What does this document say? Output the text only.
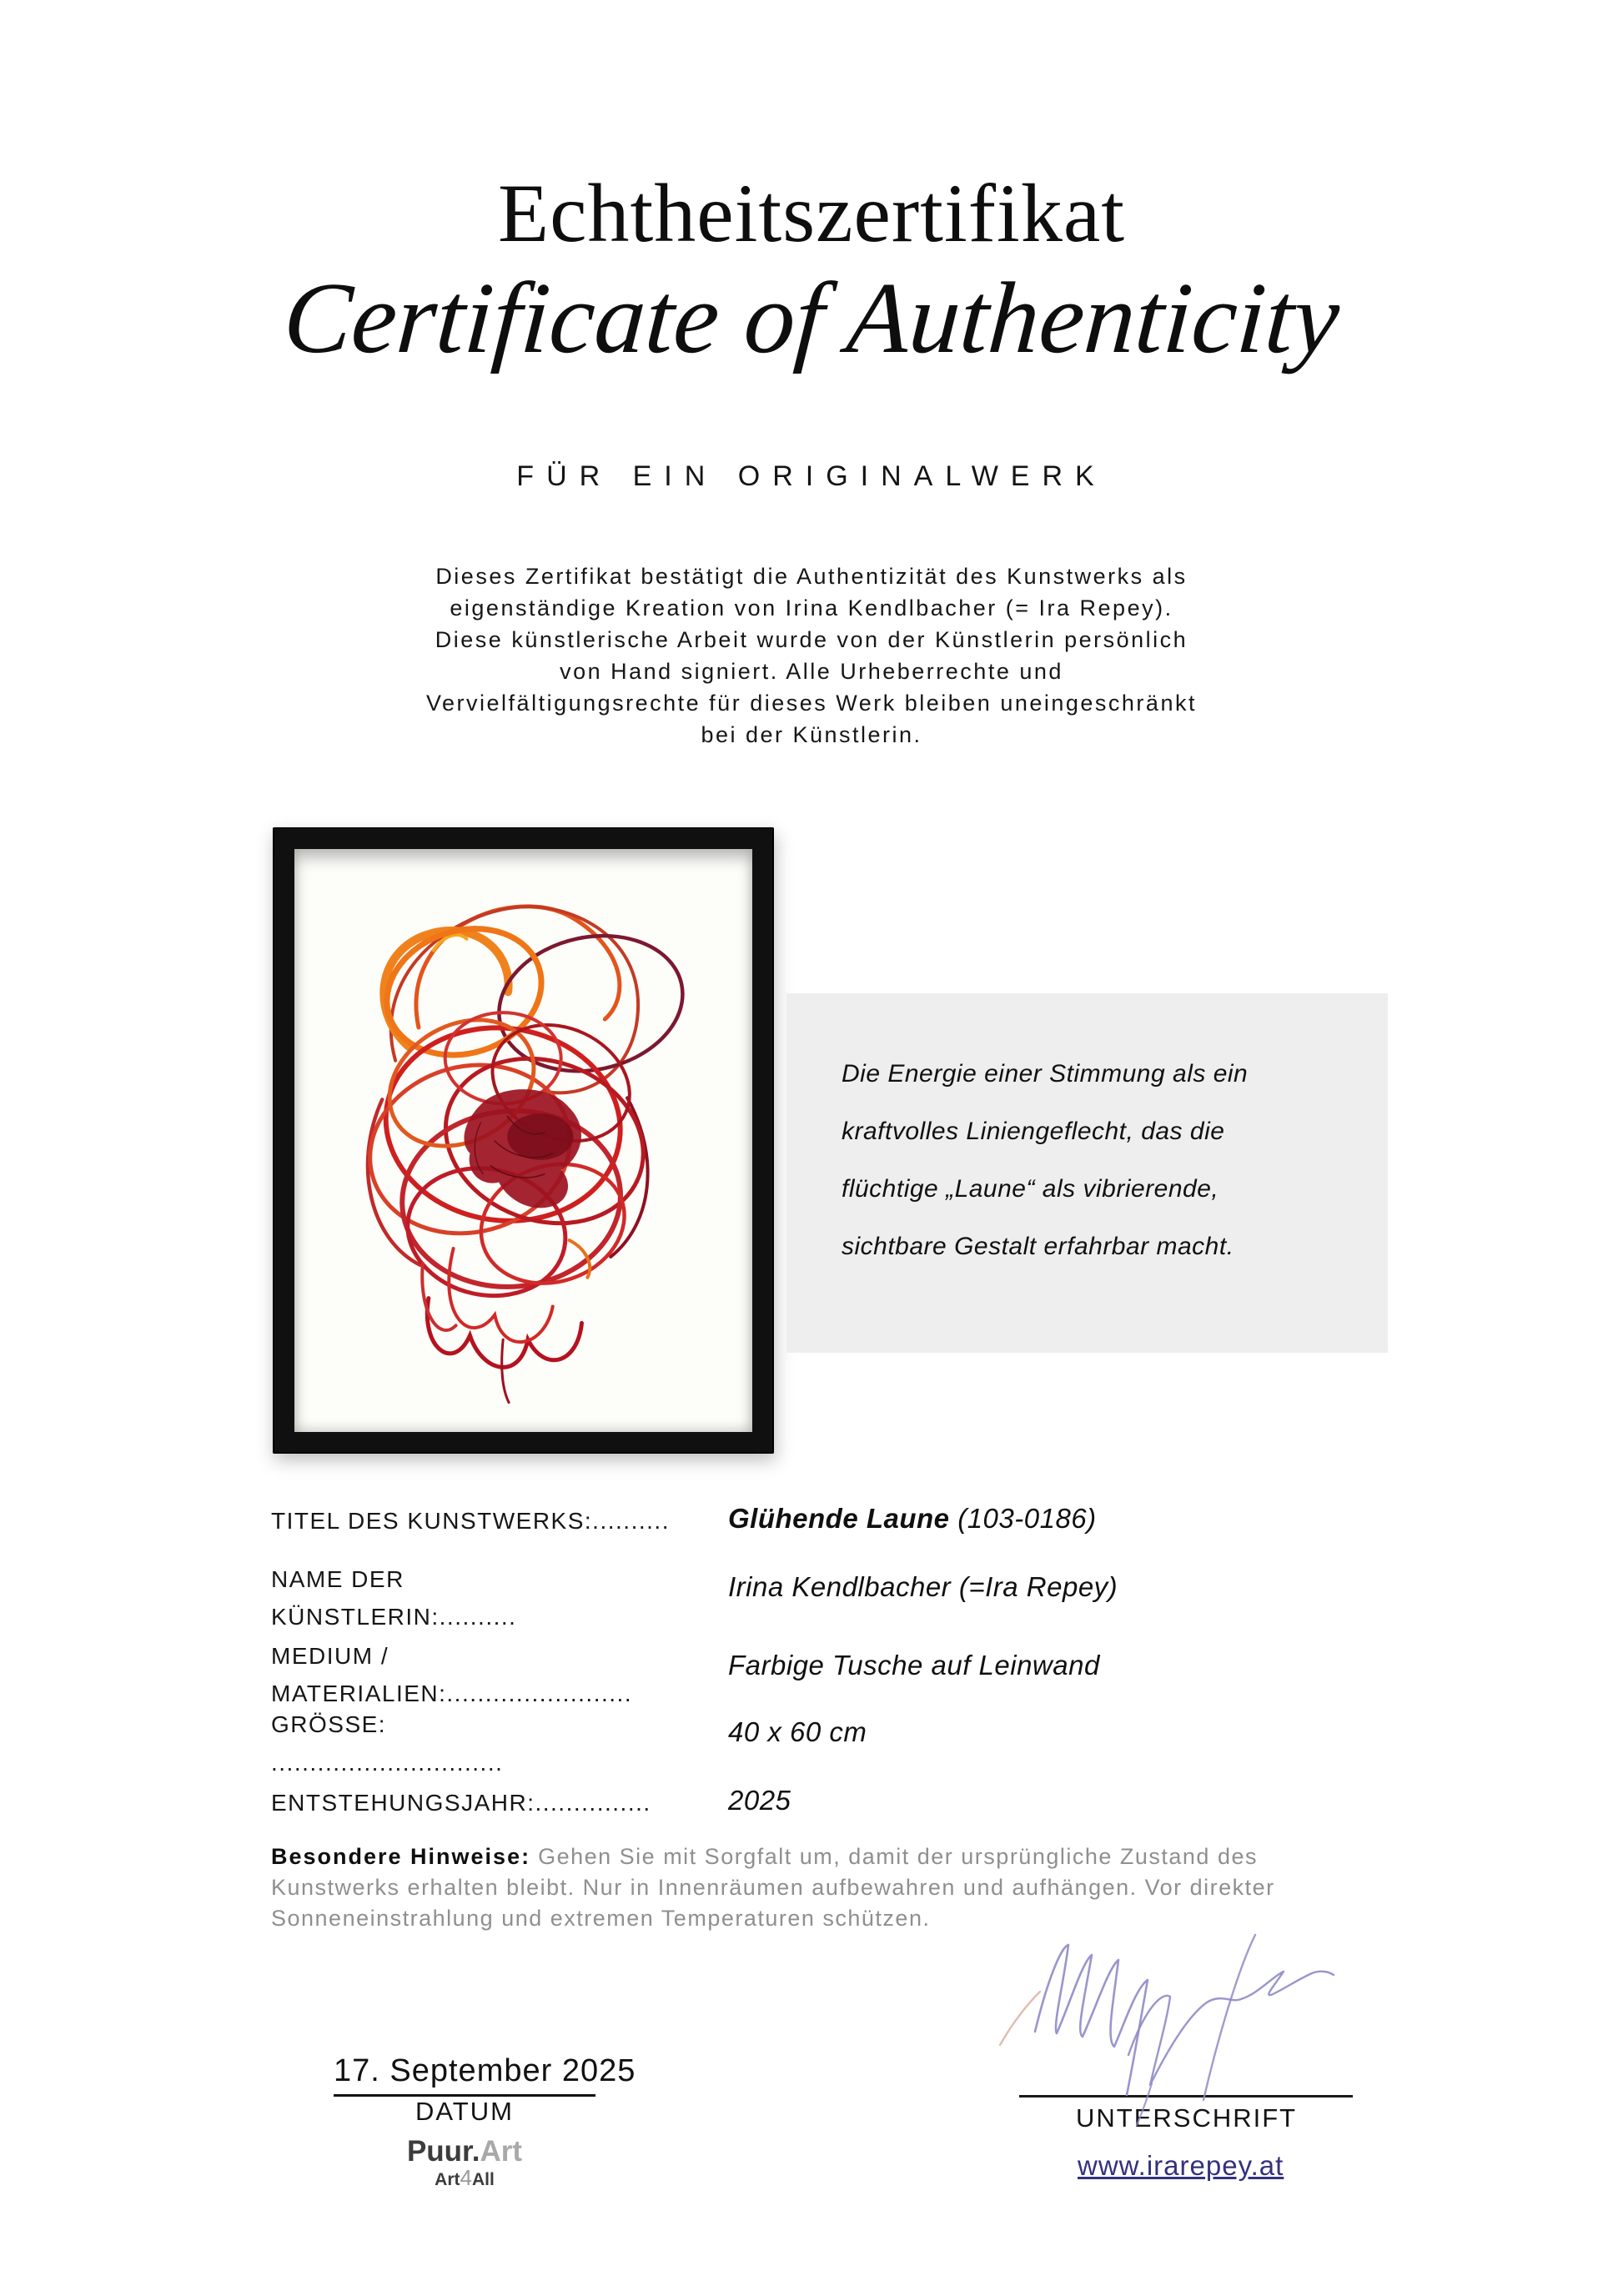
Echtheitszertifikat
Certificate of Authenticity
FÜR EIN ORIGINALWERK
Dieses Zertifikat bestätigt die Authentizität des Kunstwerks als
eigenständige Kreation von Irina Kendlbacher (= Ira Repey).
Diese künstlerische Arbeit wurde von der Künstlerin persönlich
von Hand signiert. Alle Urheberrechte und
Vervielfältigungsrechte für dieses Werk bleiben uneingeschränkt
bei der Künstlerin.
Die Energie einer Stimmung als ein
kraftvolles Liniengeflecht, das die
flüchtige „Laune“ als vibrierende,
sichtbare Gestalt erfahrbar macht.
TITEL DES KUNSTWERKS:.......... Glühende Laune (103-0186)
NAME DER
KÜNSTLERIN:..........
Irina Kendlbacher (=Ira Repey)
MEDIUM /
MATERIALIEN:........................
Farbige Tusche auf Leinwand
GRÖSSE:
..............................
40 x 60 cm
ENTSTEHUNGSJAHR:...............	2025
Besondere Hinweise: Gehen Sie mit Sorgfalt um, damit der ursprüngliche Zustand des Kunstwerks erhalten bleibt. Nur in Innenräumen aufbewahren und aufhängen. Vor direkter Sonneneinstrahlung und extremen Temperaturen schützen.
UNTERSCHRIFT
www.irarepey.at
17. September 2025
DATUM
Puur.Art
Art4All
